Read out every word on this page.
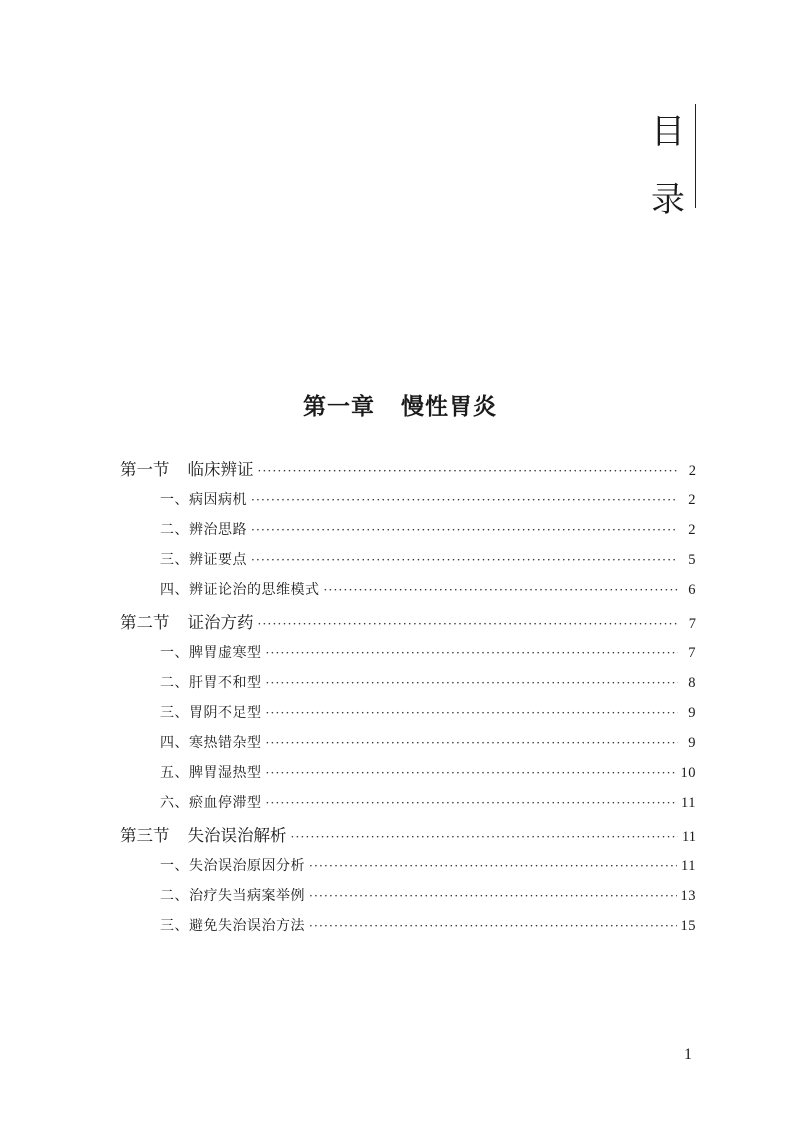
目
录
第一章 慢性胃炎
第一节 临床辨证 ·····	2
一、病因病机 ·····	2
二、辨治思路 ·····	2
三、辨证要点 ·····	5
四、辨证论治的思维模式 ·····	6
第二节 证治方药 ·····	7
一、脾胃虚寒型 ·····	7
二、肝胃不和型 ·····	8
三、胃阴不足型 ·····	9
四、寒热错杂型 ·····	9
五、脾胃湿热型 ·····	10
六、瘀血停滞型 ·····	11
第三节 失治误治解析 ·····	11
一、失治误治原因分析 ·····	11
二、治疗失当病案举例 ·····	13
三、避免失治误治方法 ·····	15
1
